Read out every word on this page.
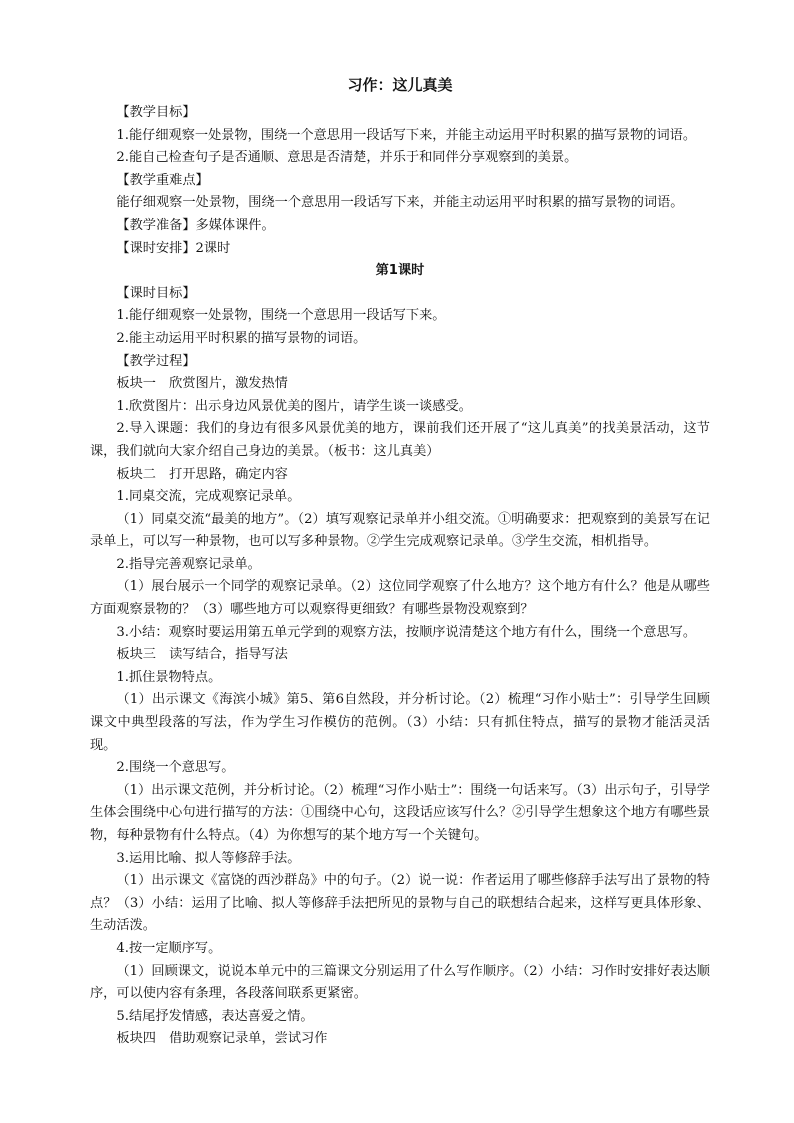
习作：这儿真美
【教学目标】
1.能仔细观察一处景物，围绕一个意思用一段话写下来，并能主动运用平时积累的描写景物的词语。
2.能自己检查句子是否通顺、意思是否清楚，并乐于和同伴分享观察到的美景。
【教学重难点】
能仔细观察一处景物，围绕一个意思用一段话写下来，并能主动运用平时积累的描写景物的词语。
【教学准备】多媒体课件。
【课时安排】2课时
第1课时
【课时目标】
1.能仔细观察一处景物，围绕一个意思用一段话写下来。
2.能主动运用平时积累的描写景物的词语。
【教学过程】
板块一　欣赏图片，激发热情
1.欣赏图片：出示身边风景优美的图片，请学生谈一谈感受。
2.导入课题：我们的身边有很多风景优美的地方，课前我们还开展了“这儿真美”的找美景活动，这节课，我们就向大家介绍自己身边的美景。（板书：这儿真美）
板块二　打开思路，确定内容
1.同桌交流，完成观察记录单。
（1）同桌交流“最美的地方”。（2）填写观察记录单并小组交流。①明确要求：把观察到的美景写在记录单上，可以写一种景物，也可以写多种景物。②学生完成观察记录单。③学生交流，相机指导。
2.指导完善观察记录单。
（1）展台展示一个同学的观察记录单。（2）这位同学观察了什么地方？这个地方有什么？他是从哪些方面观察景物的？（3）哪些地方可以观察得更细致？有哪些景物没观察到？
3.小结：观察时要运用第五单元学到的观察方法，按顺序说清楚这个地方有什么，围绕一个意思写。
板块三　读写结合，指导写法
1.抓住景物特点。
（1）出示课文《海滨小城》第5、第6自然段，并分析讨论。（2）梳理“习作小贴士”：引导学生回顾课文中典型段落的写法，作为学生习作模仿的范例。（3）小结：只有抓住特点，描写的景物才能活灵活现。
2.围绕一个意思写。
（1）出示课文范例，并分析讨论。（2）梳理“习作小贴士”：围绕一句话来写。（3）出示句子，引导学生体会围绕中心句进行描写的方法：①围绕中心句，这段话应该写什么？②引导学生想象这个地方有哪些景物，每种景物有什么特点。（4）为你想写的某个地方写一个关键句。
3.运用比喻、拟人等修辞手法。
（1）出示课文《富饶的西沙群岛》中的句子。（2）说一说：作者运用了哪些修辞手法写出了景物的特点？（3）小结：运用了比喻、拟人等修辞手法把所见的景物与自己的联想结合起来，这样写更具体形象、生动活泼。
4.按一定顺序写。
（1）回顾课文，说说本单元中的三篇课文分别运用了什么写作顺序。（2）小结：习作时安排好表达顺序，可以使内容有条理，各段落间联系更紧密。
5.结尾抒发情感，表达喜爱之情。
板块四　借助观察记录单，尝试习作
